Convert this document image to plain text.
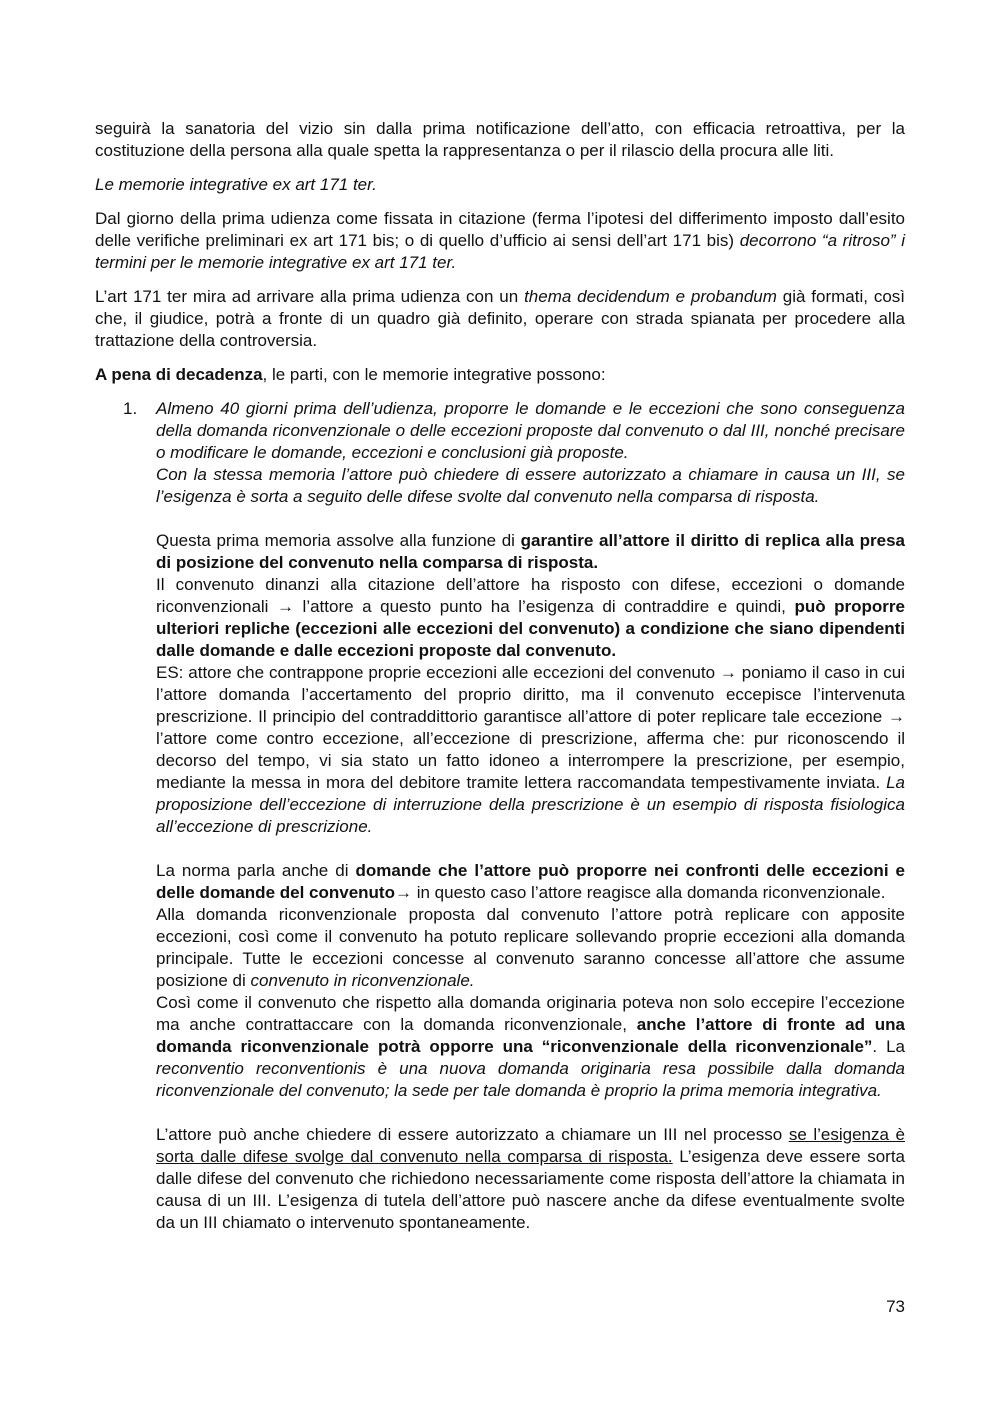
seguirà la sanatoria del vizio sin dalla prima notificazione dell’atto, con efficacia retroattiva, per la costituzione della persona alla quale spetta la rappresentanza o per il rilascio della procura alle liti.

Le memorie integrative ex art 171 ter.

Dal giorno della prima udienza come fissata in citazione (ferma l’ipotesi del differimento imposto dall’esito delle verifiche preliminari ex art 171 bis; o di quello d’ufficio ai sensi dell’art 171 bis) decorrono “a ritroso” i termini per le memorie integrative ex art 171 ter.

L’art 171 ter mira ad arrivare alla prima udienza con un thema decidendum e probandum già formati, così che, il giudice, potrà a fronte di un quadro già definito, operare con strada spianata per procedere alla trattazione della controversia.

A pena di decadenza, le parti, con le memorie integrative possono:

1. Almeno 40 giorni prima dell’udienza, proporre le domande e le eccezioni che sono conseguenza della domanda riconvenzionale o delle eccezioni proposte dal convenuto o dal III, nonché precisare o modificare le domande, eccezioni e conclusioni già proposte.
Con la stessa memoria l’attore può chiedere di essere autorizzato a chiamare in causa un III, se l’esigenza è sorta a seguito delle difese svolte dal convenuto nella comparsa di risposta.
Questa prima memoria assolve alla funzione di garantire all’attore il diritto di replica alla presa di posizione del convenuto nella comparsa di risposta.
Il convenuto dinanzi alla citazione dell’attore ha risposto con difese, eccezioni o domande riconvenzionali → l’attore a questo punto ha l’esigenza di contraddire e quindi, può proporre ulteriori repliche (eccezioni alle eccezioni del convenuto) a condizione che siano dipendenti dalle domande e dalle eccezioni proposte dal convenuto.
ES: attore che contrappone proprie eccezioni alle eccezioni del convenuto → poniamo il caso in cui l’attore domanda l’accertamento del proprio diritto, ma il convenuto eccepisce l’intervenuta prescrizione. Il principio del contraddittorio garantisce all’attore di poter replicare tale eccezione → l’attore come contro eccezione, all’eccezione di prescrizione, afferma che: pur riconoscendo il decorso del tempo, vi sia stato un fatto idoneo a interrompere la prescrizione, per esempio, mediante la messa in mora del debitore tramite lettera raccomandata tempestivamente inviata. La proposizione dell’eccezione di interruzione della prescrizione è un esempio di risposta fisiologica all’eccezione di prescrizione.
La norma parla anche di domande che l’attore può proporre nei confronti delle eccezioni e delle domande del convenuto→ in questo caso l’attore reagisce alla domanda riconvenzionale.
Alla domanda riconvenzionale proposta dal convenuto l’attore potrà replicare con apposite eccezioni, così come il convenuto ha potuto replicare sollevando proprie eccezioni alla domanda principale. Tutte le eccezioni concesse al convenuto saranno concesse all’attore che assume posizione di convenuto in riconvenzionale.
Così come il convenuto che rispetto alla domanda originaria poteva non solo eccepire l’eccezione ma anche contrattaccare con la domanda riconvenzionale, anche l’attore di fronte ad una domanda riconvenzionale potrà opporre una “riconvenzionale della riconvenzionale”. La reconventio reconventionis è una nuova domanda originaria resa possibile dalla domanda riconvenzionale del convenuto; la sede per tale domanda è proprio la prima memoria integrativa.
L’attore può anche chiedere di essere autorizzato a chiamare un III nel processo se l’esigenza è sorta dalle difese svolge dal convenuto nella comparsa di risposta. L’esigenza deve essere sorta dalle difese del convenuto che richiedono necessariamente come risposta dell’attore la chiamata in causa di un III. L’esigenza di tutela dell’attore può nascere anche da difese eventualmente svolte da un III chiamato o intervenuto spontaneamente.
73
